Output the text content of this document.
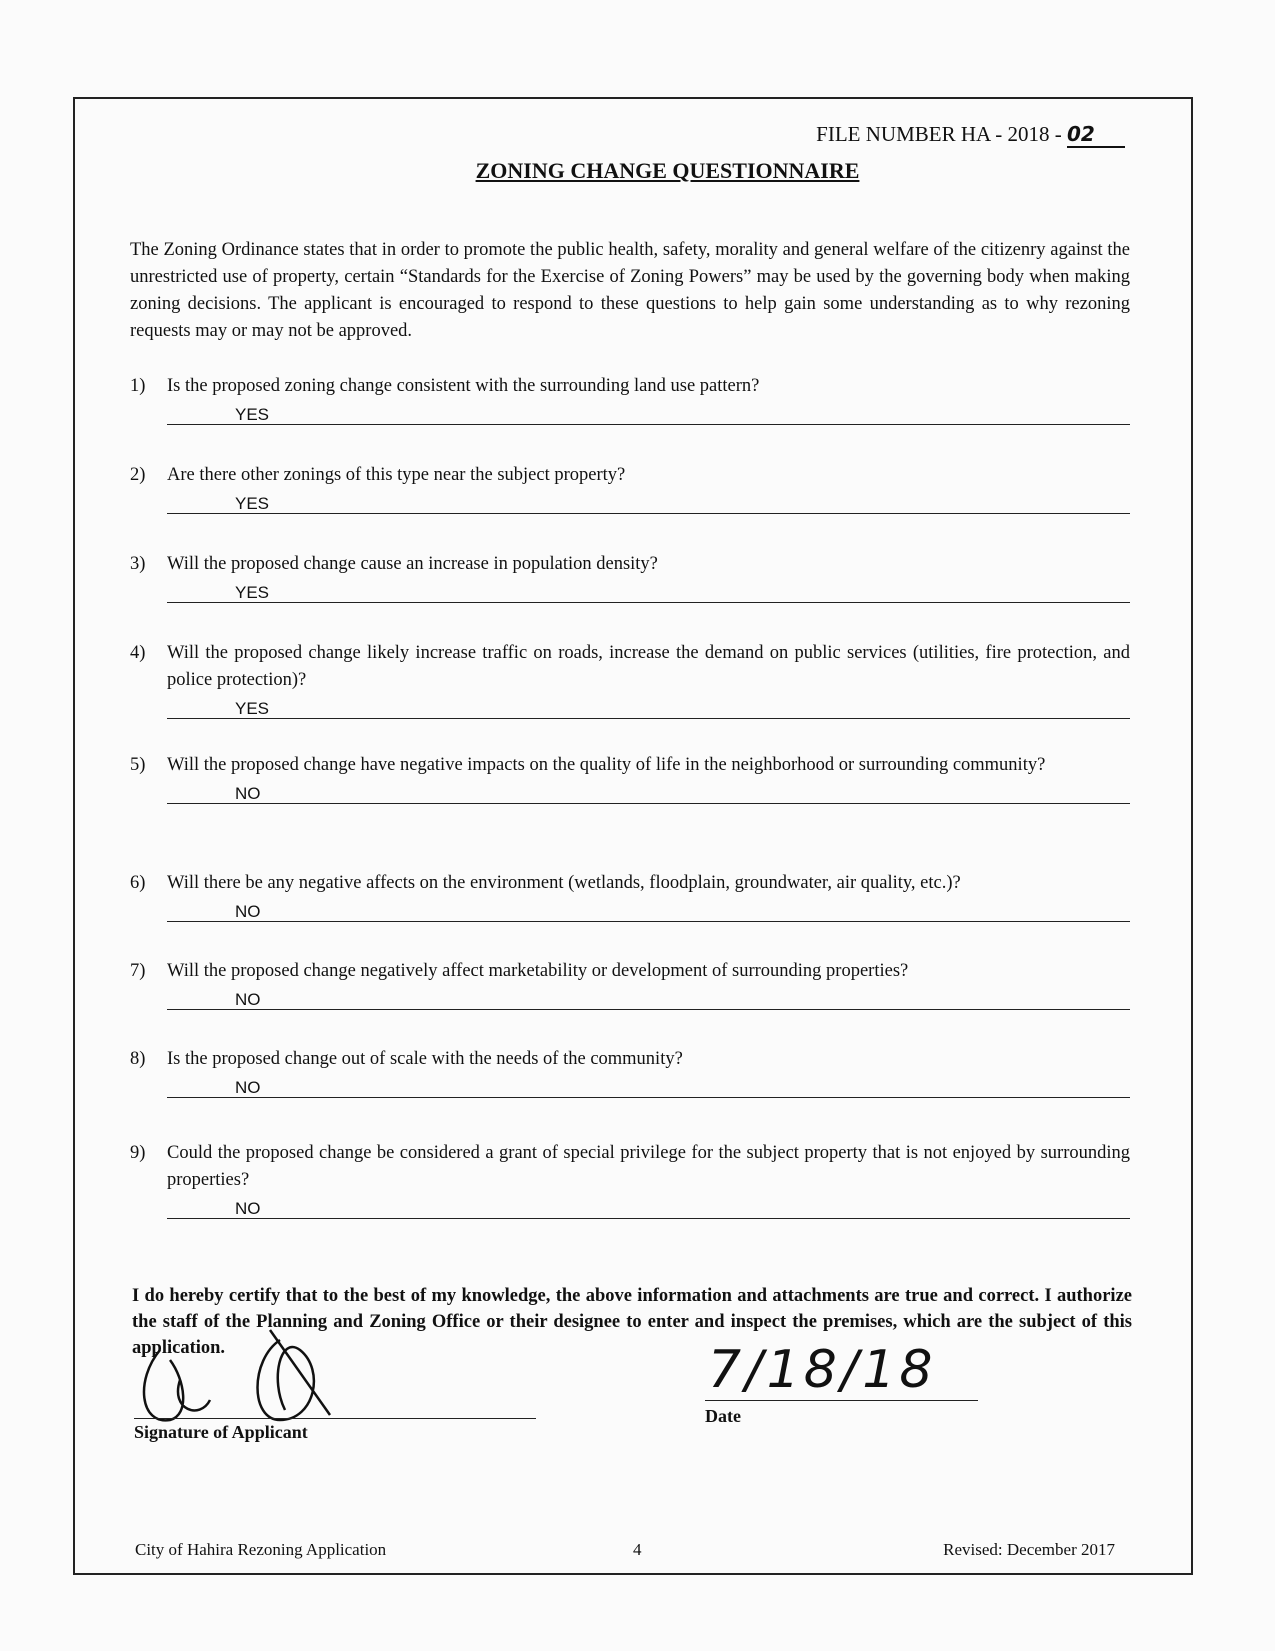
FILE NUMBER HA - 2018 - 02
ZONING CHANGE QUESTIONNAIRE
The Zoning Ordinance states that in order to promote the public health, safety, morality and general welfare of the citizenry against the unrestricted use of property, certain “Standards for the Exercise of Zoning Powers” may be used by the governing body when making zoning decisions. The applicant is encouraged to respond to these questions to help gain some understanding as to why rezoning requests may or may not be approved.
1) Is the proposed zoning change consistent with the surrounding land use pattern?
YES
2) Are there other zonings of this type near the subject property?
YES
3) Will the proposed change cause an increase in population density?
YES
4) Will the proposed change likely increase traffic on roads, increase the demand on public services (utilities, fire protection, and police protection)?
YES
5) Will the proposed change have negative impacts on the quality of life in the neighborhood or surrounding community?
NO
6) Will there be any negative affects on the environment (wetlands, floodplain, groundwater, air quality, etc.)?
NO
7) Will the proposed change negatively affect marketability or development of surrounding properties?
NO
8) Is the proposed change out of scale with the needs of the community?
NO
9) Could the proposed change be considered a grant of special privilege for the subject property that is not enjoyed by surrounding properties?
NO
I do hereby certify that to the best of my knowledge, the above information and attachments are true and correct. I authorize the staff of the Planning and Zoning Office or their designee to enter and inspect the premises, which are the subject of this application.
Signature of Applicant
7/18/18
Date
City of Hahira Rezoning Application	4	Revised: December 2017
